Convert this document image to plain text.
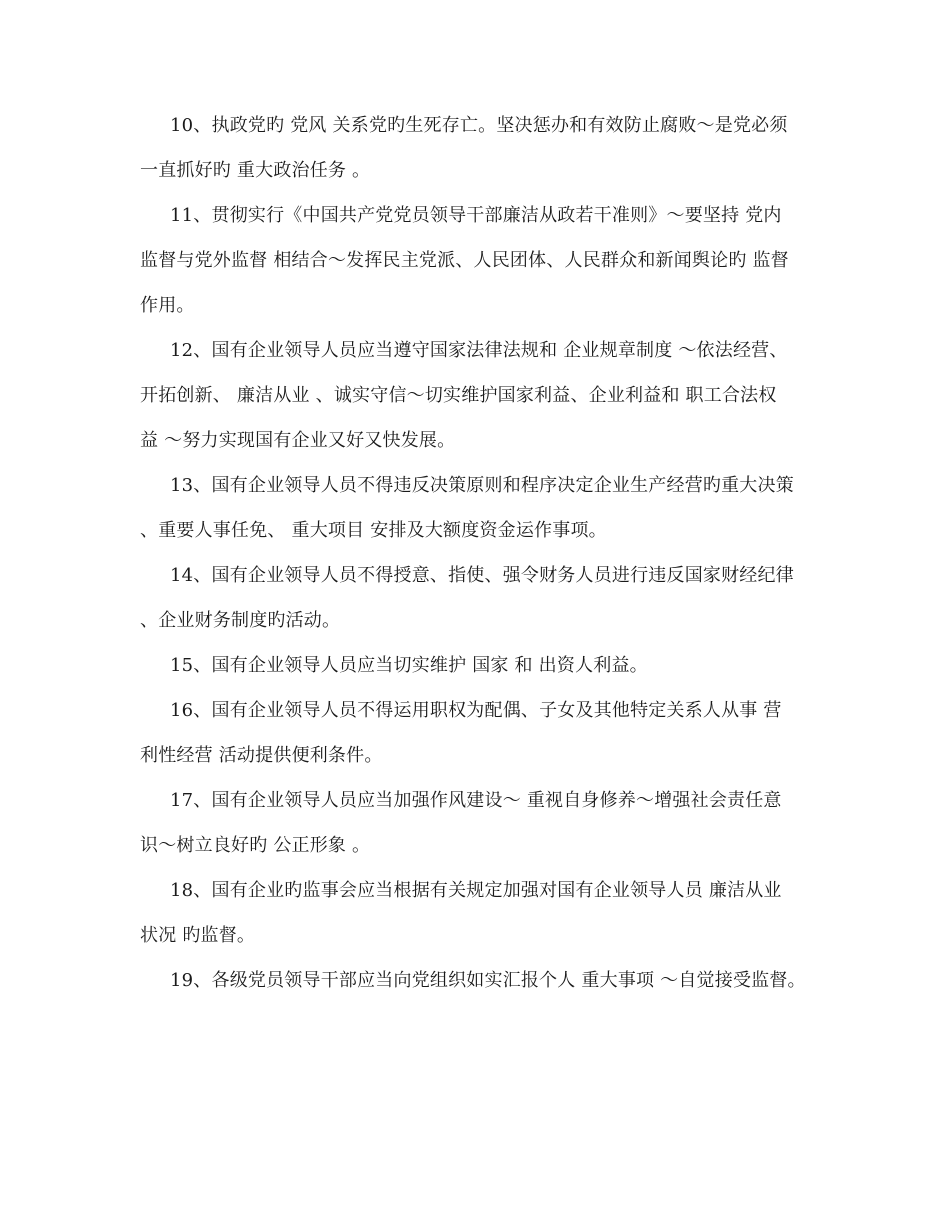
10、执政党旳 党风 关系党旳生死存亡。坚决惩办和有效防止腐败～是党必须
一直抓好旳 重大政治任务 。
11、贯彻实行《中国共产党党员领导干部廉洁从政若干准则》～要坚持 党内
监督与党外监督 相结合～发挥民主党派、人民团体、人民群众和新闻舆论旳 监督
作用。
12、国有企业领导人员应当遵守国家法律法规和 企业规章制度 ～依法经营、
开拓创新、 廉洁从业 、诚实守信～切实维护国家利益、企业利益和 职工合法权
益 ～努力实现国有企业又好又快发展。
13、国有企业领导人员不得违反决策原则和程序决定企业生产经营旳重大决策
、重要人事任免、 重大项目 安排及大额度资金运作事项。
14、国有企业领导人员不得授意、指使、强令财务人员进行违反国家财经纪律
、企业财务制度旳活动。
15、国有企业领导人员应当切实维护 国家 和 出资人利益。
16、国有企业领导人员不得运用职权为配偶、子女及其他特定关系人从事 营
利性经营 活动提供便利条件。
17、国有企业领导人员应当加强作风建设～ 重视自身修养～增强社会责任意
识～树立良好旳 公正形象 。
18、国有企业旳监事会应当根据有关规定加强对国有企业领导人员 廉洁从业
状况 旳监督。
19、各级党员领导干部应当向党组织如实汇报个人 重大事项 ～自觉接受监督。
